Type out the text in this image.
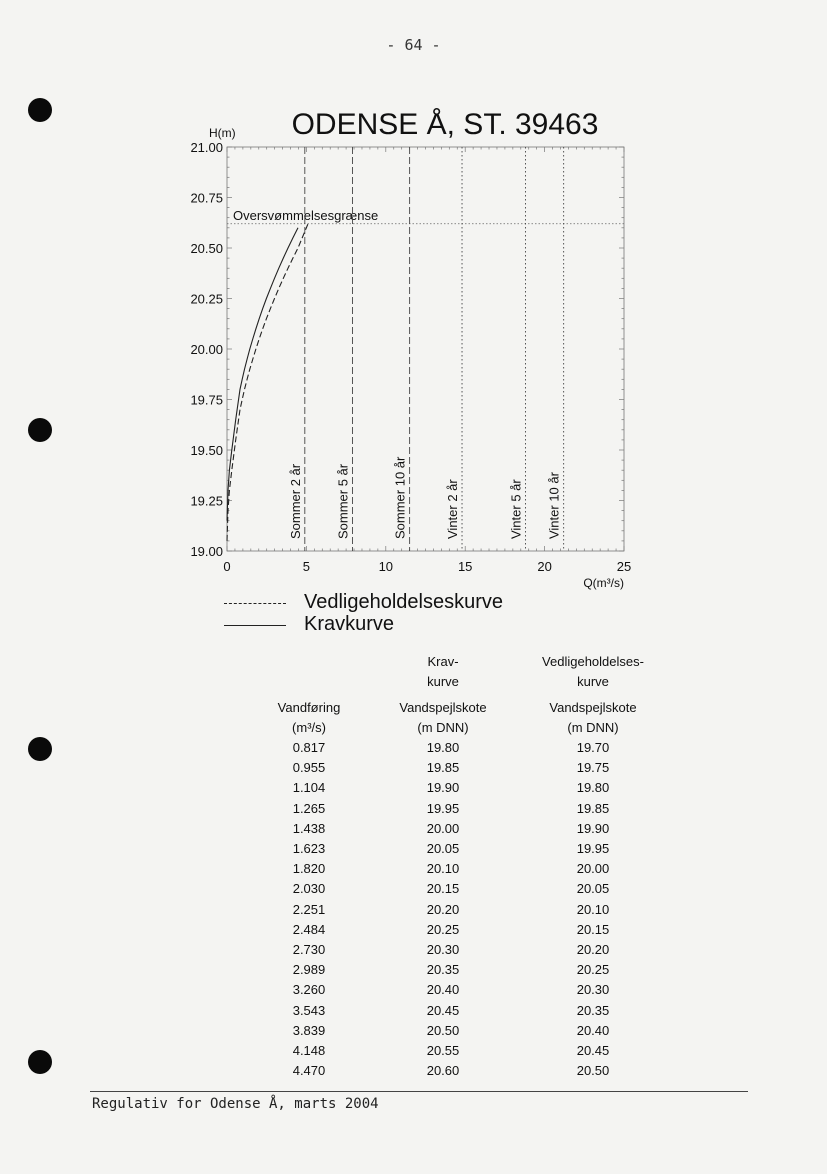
- 64 -
19.00
19.25
19.50
19.75
20.00
20.25
20.50
20.75
21.00
0	5	10	15	20	25
H(m)
Q(m³/s)
ODENSE Å, ST. 39463
Oversvømmelsesgrænse
Sommer 2 år	Sommer 5 år	Sommer 10 år	Vinter 2 år	Vinter 5 år Vinter 10 år
Vedligeholdelseskurve
Kravkurve
	Krav-	Vedligeholdelses-
	kurve	kurve
Vandføring	Vandspejlskote	Vandspejlskote
(m³/s)	(m DNN)	(m DNN)
0.817	19.80	19.70
0.955	19.85	19.75
1.104	19.90	19.80
1.265	19.95	19.85
1.438	20.00	19.90
1.623	20.05	19.95
1.820	20.10	20.00
2.030	20.15	20.05
2.251	20.20	20.10
2.484	20.25	20.15
2.730	20.30	20.20
2.989	20.35	20.25
3.260	20.40	20.30
3.543	20.45	20.35
3.839	20.50	20.40
4.148	20.55	20.45
4.470	20.60	20.50
Regulativ for Odense Å, marts 2004
